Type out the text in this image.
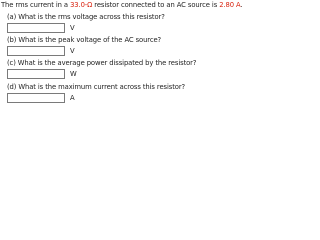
The rms current in a 33.0-Ω resistor connected to an AC source is 2.80 A.
(a) What is the rms voltage across this resistor?
V
(b) What is the peak voltage of the AC source?
V
(c) What is the average power dissipated by the resistor?
W
(d) What is the maximum current across this resistor?
A
